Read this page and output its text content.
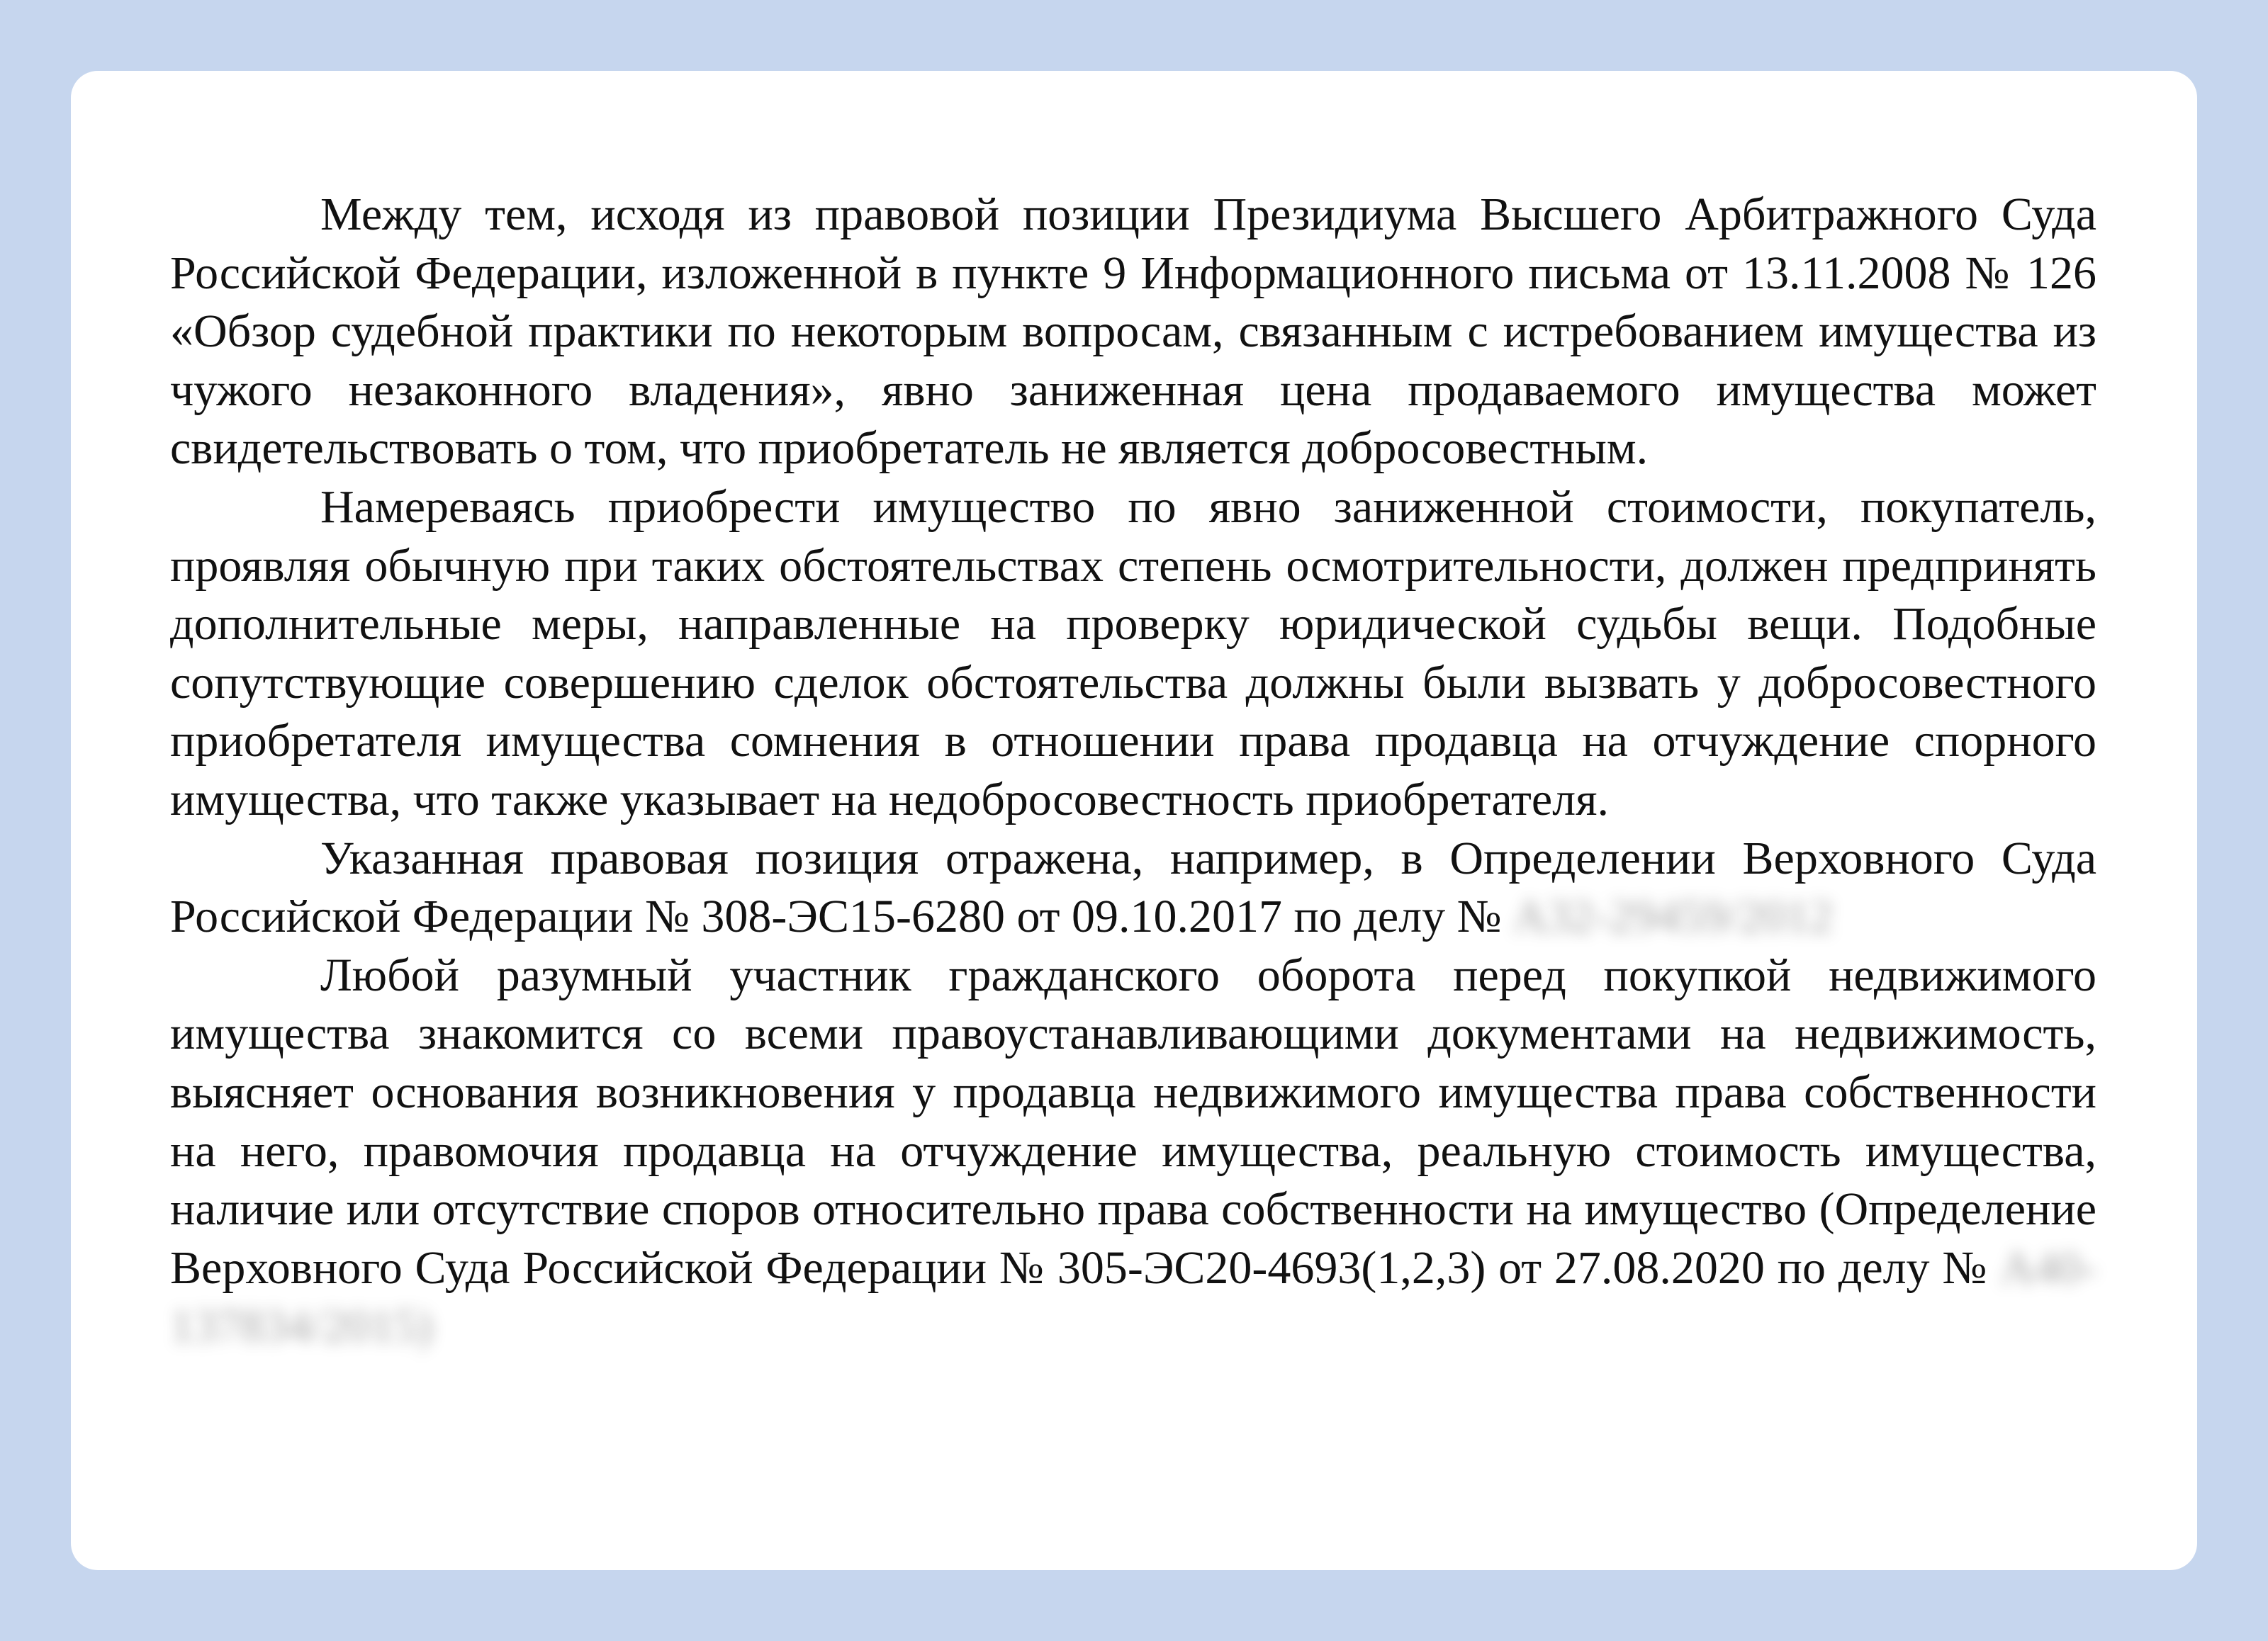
Между тем, исходя из правовой позиции Президиума Высшего Арбитражного Суда Российской Федерации, изложенной в пункте 9 Информационного письма от 13.11.2008 № 126 «Обзор судебной практики по некоторым вопросам, связанным с истребованием имущества из чужого незаконного владения», явно заниженная цена продаваемого имущества может свидетельствовать о том, что приобретатель не является добросовестным.

Намереваясь приобрести имущество по явно заниженной стоимости, покупатель, проявляя обычную при таких обстоятельствах степень осмотрительности, должен предпринять дополнительные меры, направленные на проверку юридической судьбы вещи. Подобные сопутствующие совершению сделок обстоятельства должны были вызвать у добросовестного приобретателя имущества сомнения в отношении права продавца на отчуждение спорного имущества, что также указывает на недобросовестность приобретателя.

Указанная правовая позиция отражена, например, в Определении Верховного Суда Российской Федерации № 308-ЭС15-6280 от 09.10.2017 по делу № А32-29459/2012

Любой разумный участник гражданского оборота перед покупкой недвижимого имущества знакомится со всеми правоустанавливающими документами на недвижимость, выясняет основания возникновения у продавца недвижимого имущества права собственности на него, правомочия продавца на отчуждение имущества, реальную стоимость имущества, наличие или отсутствие споров относительно права собственности на имущество (Определение Верховного Суда Российской Федерации № 305-ЭС20-4693(1,2,3) от 27.08.2020 по делу № А40-137834/2015)
